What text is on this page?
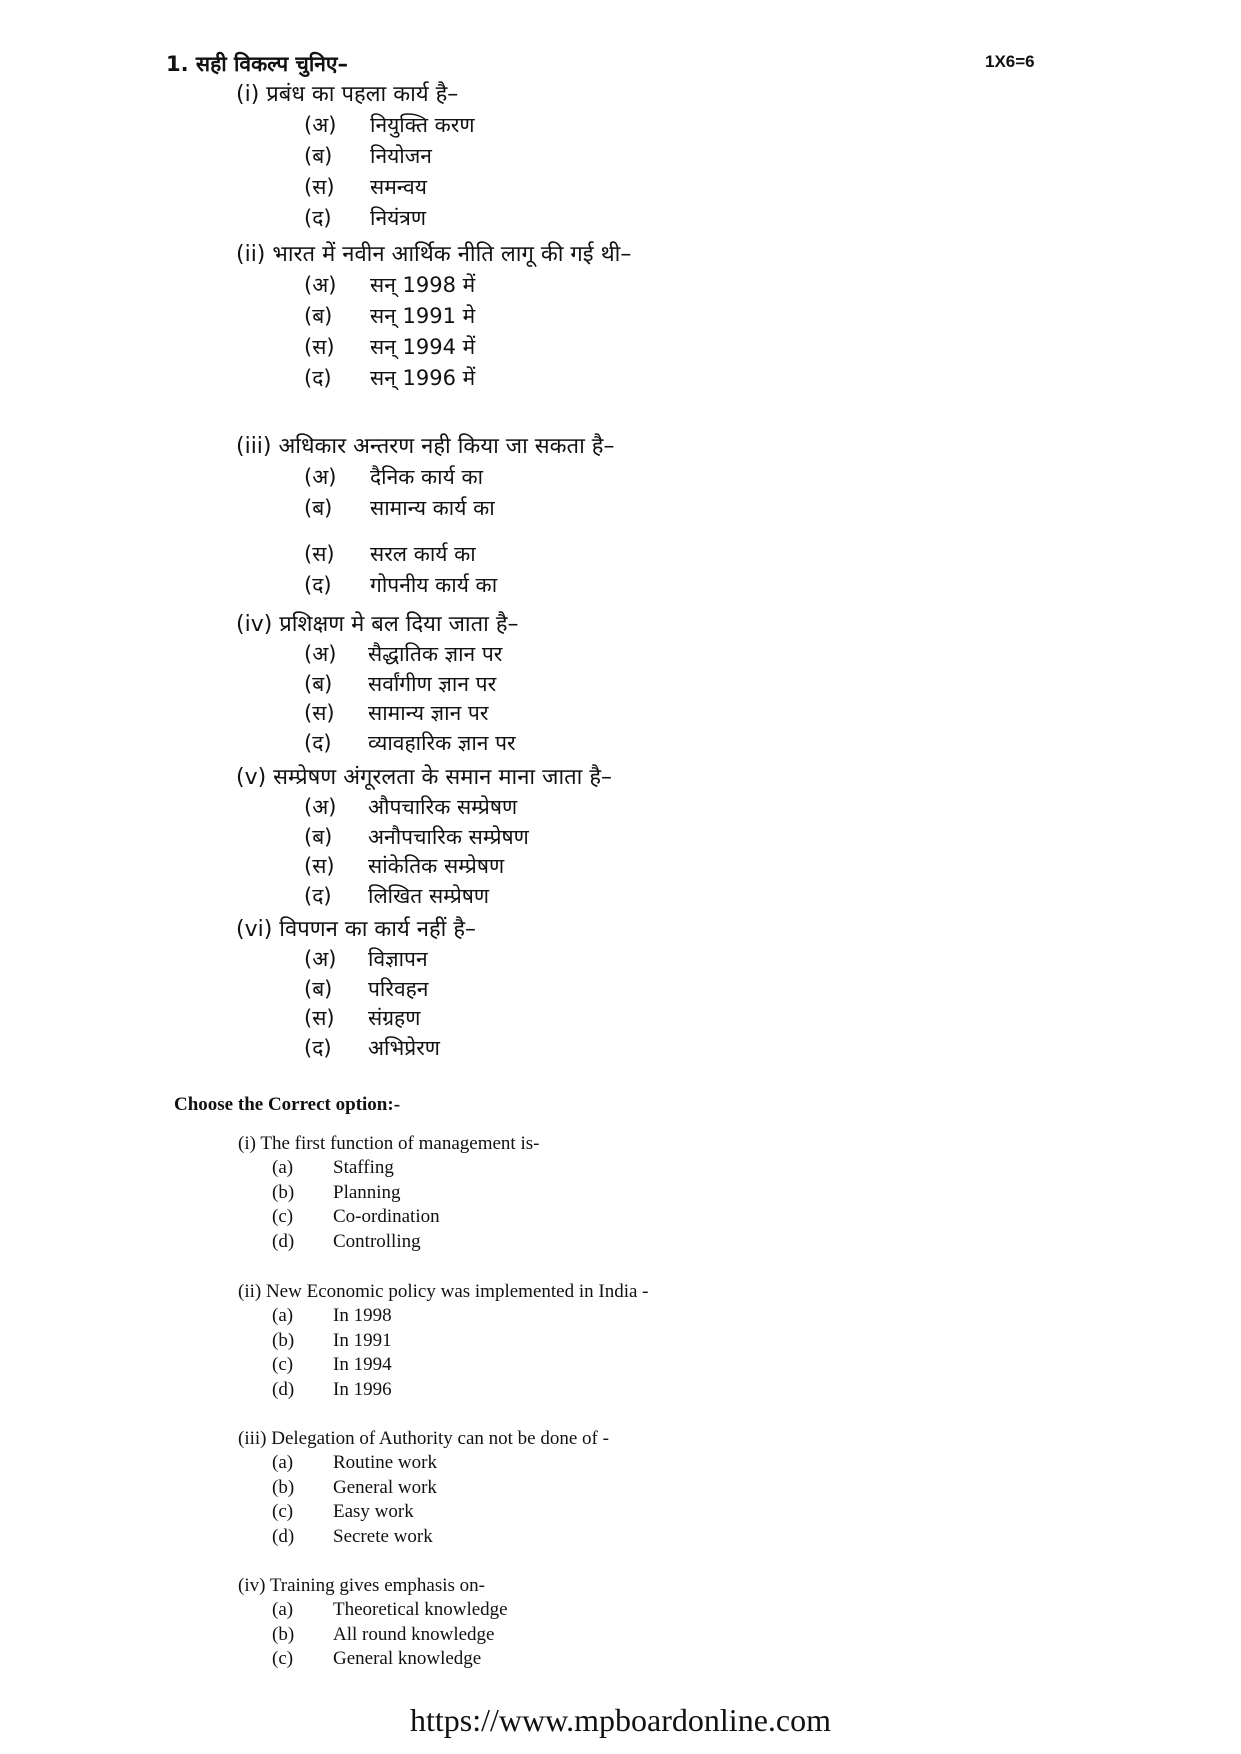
1. सही विकल्प चुनिए–	1X6=6
(i) प्रबंध का पहला कार्य है–
(अ) नियुक्ति करण
(ब) नियोजन
(स) समन्वय
(द) नियंत्रण
(ii) भारत में नवीन आर्थिक नीति लागू की गई थी–
(अ) सन् 1998 में
(ब) सन् 1991 मे
(स) सन् 1994 में
(द) सन् 1996 में
(iii) अधिकार अन्तरण नही किया जा सकता है–
(अ) दैनिक कार्य का
(ब) सामान्य कार्य का
(स) सरल कार्य का
(द) गोपनीय कार्य का
(iv) प्रशिक्षण मे बल दिया जाता है–
(अ) सैद्धातिक ज्ञान पर
(ब) सर्वांगीण ज्ञान पर
(स) सामान्य ज्ञान पर
(द) व्यावहारिक ज्ञान पर
(v) सम्प्रेषण अंगूरलता के समान माना जाता है–
(अ) औपचारिक सम्प्रेषण
(ब) अनौपचारिक सम्प्रेषण
(स) सांकेतिक सम्प्रेषण
(द) लिखित सम्प्रेषण
(vi) विपणन का कार्य नहीं है–
(अ) विज्ञापन
(ब) परिवहन
(स) संग्रहण
(द) अभिप्रेरण
Choose the Correct option:-
(i) The first function of management is-
(a) Staffing
(b) Planning
(c) Co-ordination
(d) Controlling
(ii) New Economic policy was implemented in India -
(a) In 1998
(b) In 1991
(c) In 1994
(d) In 1996
(iii) Delegation of Authority can not be done of -
(a) Routine work
(b) General work
(c) Easy work
(d) Secrete work
(iv) Training gives emphasis on-
(a) Theoretical knowledge
(b) All round knowledge
(c) General knowledge
https://www.mpboardonline.com
